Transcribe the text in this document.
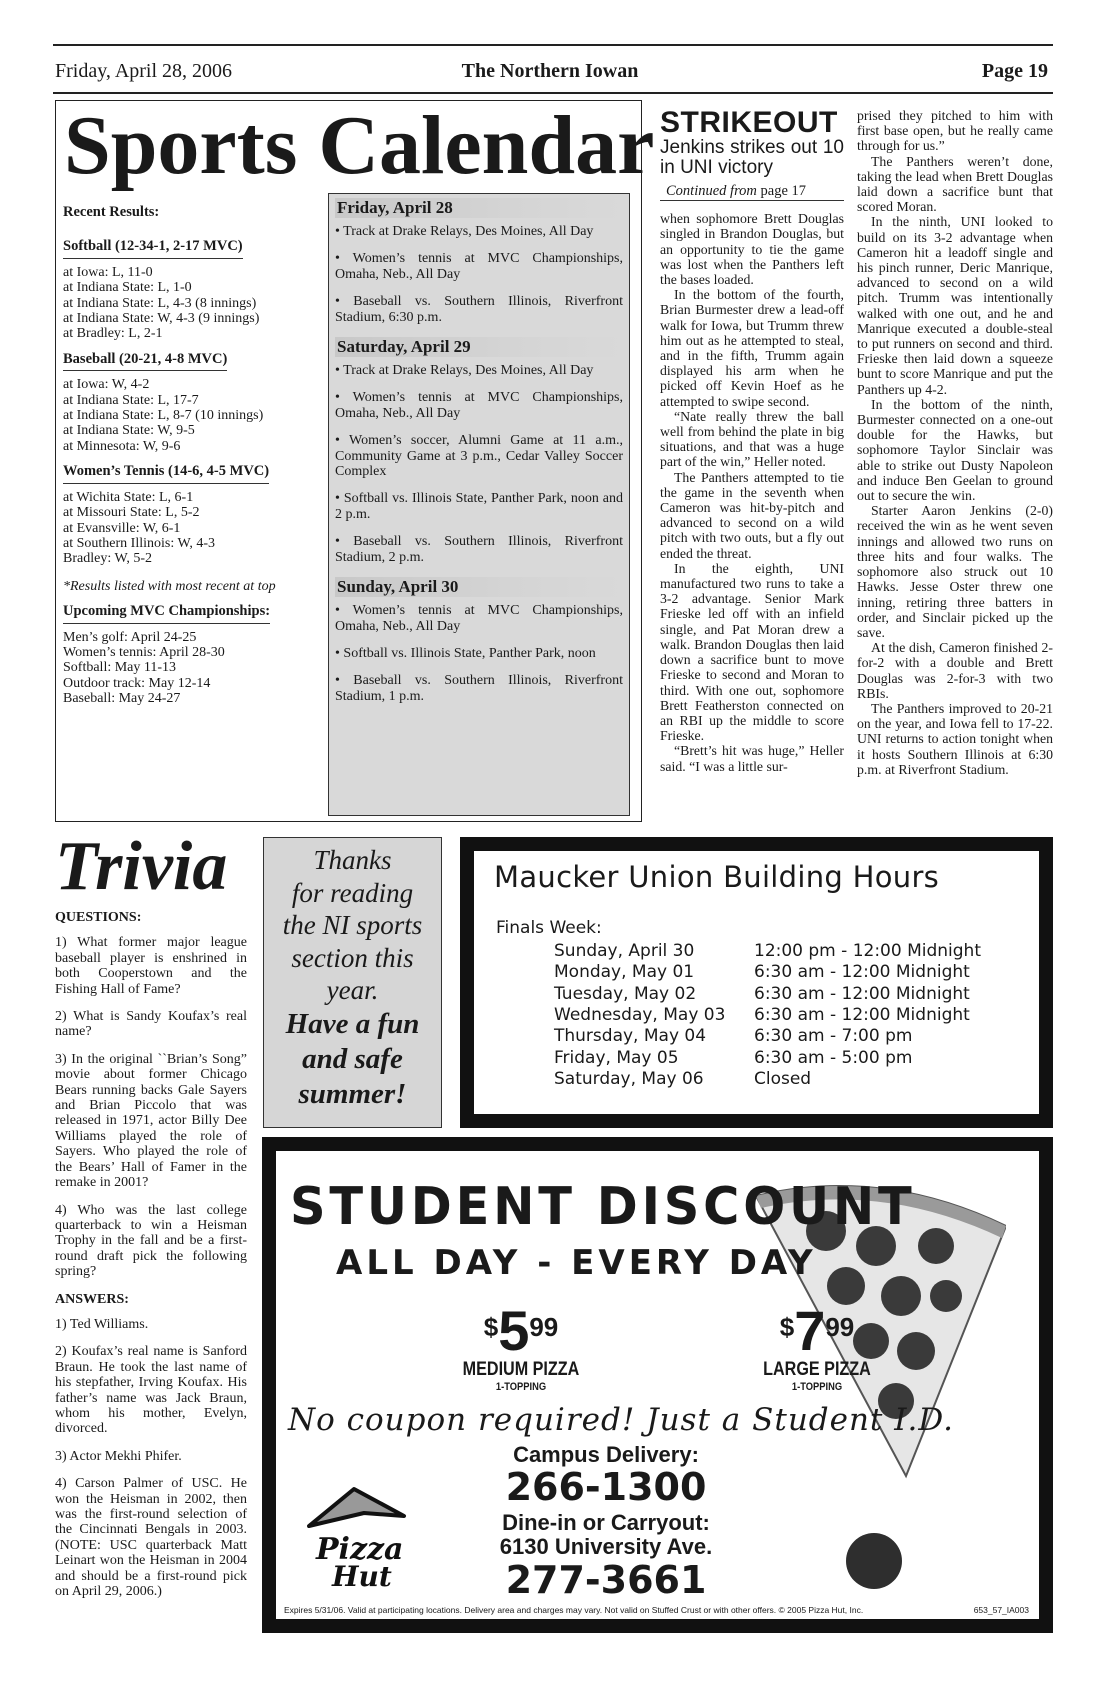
Friday, April 28, 2006	The Northern Iowan	Page 19
Sports Calendar
Recent Results:
Softball (12-34-1, 2-17 MVC)
at Iowa: L, 11-0
at Indiana State: L, 1-0
at Indiana State: L, 4-3 (8 innings)
at Indiana State: W, 4-3 (9 innings)
at Bradley: L, 2-1
Baseball (20-21, 4-8 MVC)
at Iowa: W, 4-2
at Indiana State: L, 17-7
at Indiana State: L, 8-7 (10 innings)
at Indiana State: W, 9-5
at Minnesota: W, 9-6
Women’s Tennis (14-6, 4-5 MVC)
at Wichita State: L, 6-1
at Missouri State: L, 5-2
at Evansville: W, 6-1
at Southern Illinois: W, 4-3
Bradley: W, 5-2
*Results listed with most recent at top
Upcoming MVC Championships:
Men’s golf: April 24-25
Women’s tennis: April 28-30
Softball: May 11-13
Outdoor track: May 12-14
Baseball: May 24-27
Friday, April 28
• Track at Drake Relays, Des Moines, All Day
• Women’s tennis at MVC Championships, Omaha, Neb., All Day
• Baseball vs. Southern Illinois, Riverfront Stadium, 6:30 p.m.
Saturday, April 29
• Track at Drake Relays, Des Moines, All Day
• Women’s tennis at MVC Championships, Omaha, Neb., All Day
• Women’s soccer, Alumni Game at 11 a.m., Community Game at 3 p.m., Cedar Valley Soccer Complex
• Softball vs. Illinois State, Panther Park, noon and 2 p.m.
• Baseball vs. Southern Illinois, Riverfront Stadium, 2 p.m.
Sunday, April 30
• Women’s tennis at MVC Championships, Omaha, Neb., All Day
• Softball vs. Illinois State, Panther Park, noon
• Baseball vs. Southern Illinois, Riverfront Stadium, 1 p.m.
STRIKEOUT
Jenkins strikes out 10 in UNI victory
Continued from page 17

when sophomore Brett Douglas singled in Brandon Douglas, but an opportunity to tie the game was lost when the Panthers left the bases loaded.

In the bottom of the fourth, Brian Burmester drew a lead-off walk for Iowa, but Trumm threw him out as he attempted to steal, and in the fifth, Trumm again displayed his arm when he picked off Kevin Hoef as he attempted to swipe second.

“Nate really threw the ball well from behind the plate in big situations, and that was a huge part of the win,” Heller noted.

The Panthers attempted to tie the game in the seventh when Cameron was hit-by-pitch and advanced to second on a wild pitch with two outs, but a fly out ended the threat.

In the eighth, UNI manufactured two runs to take a 3-2 advantage. Senior Mark Frieske led off with an infield single, and Pat Moran drew a walk. Brandon Douglas then laid down a sacrifice bunt to move Frieske to second and Moran to third. With one out, sophomore Brett Featherston connected on an RBI up the middle to score Frieske.

“Brett’s hit was huge,” Heller said. “I was a little sur-

prised they pitched to him with first base open, but he really came through for us.”

The Panthers weren’t done, taking the lead when Brett Douglas laid down a sacrifice bunt that scored Moran.

In the ninth, UNI looked to build on its 3-2 advantage when Cameron hit a leadoff single and his pinch runner, Deric Manrique, advanced to second on a wild pitch. Trumm was intentionally walked with one out, and he and Manrique executed a double-steal to put runners on second and third. Frieske then laid down a squeeze bunt to score Manrique and put the Panthers up 4-2.

In the bottom of the ninth, Burmester connected on a one-out double for the Hawks, but sophomore Taylor Sinclair was able to strike out Dusty Napoleon and induce Ben Geelan to ground out to secure the win.

Starter Aaron Jenkins (2-0) received the win as he went seven innings and allowed two runs on three hits and four walks. The sophomore also struck out 10 Hawks. Jesse Oster threw one inning, retiring three batters in order, and Sinclair picked up the save.

At the dish, Cameron finished 2-for-2 with a double and Brett Douglas was 2-for-3 with two RBIs.

The Panthers improved to 20-21 on the year, and Iowa fell to 17-22. UNI returns to action tonight when it hosts Southern Illinois at 6:30 p.m. at Riverfront Stadium.

Trivia
QUESTIONS:

1) What former major league baseball player is enshrined in both Cooperstown and the Fishing Hall of Fame?

2) What is Sandy Koufax’s real name?

3) In the original ``Brian’s Song” movie about former Chicago Bears running backs Gale Sayers and Brian Piccolo that was released in 1971, actor Billy Dee Williams played the role of Sayers. Who played the role of the Bears’ Hall of Famer in the remake in 2001?

4) Who was the last college quarterback to win a Heisman Trophy in the fall and be a first-round draft pick the following spring?

ANSWERS:

1) Ted Williams.

2) Koufax’s real name is Sanford Braun. He took the last name of his stepfather, Irving Koufax. His father’s name was Jack Braun, whom his mother, Evelyn, divorced.

3) Actor Mekhi Phifer.

4) Carson Palmer of USC. He won the Heisman in 2002, then was the first-round selection of the Cincinnati Bengals in 2003. (NOTE: USC quarterback Matt Leinart won the Heisman in 2004 and should be a first-round pick on April 29, 2006.)

Thanks
for reading
the NI sports
section this
year.
Have a fun
and safe
summer!
Maucker Union Building Hours
Finals Week:
Sunday, April 30	12:00 pm - 12:00 Midnight
Monday, May 01	6:30 am - 12:00 Midnight
Tuesday, May 02	6:30 am - 12:00 Midnight
Wednesday, May 03 6:30 am - 12:00 Midnight
Thursday, May 04	6:30 am - 7:00 pm
Friday, May 05	6:30 am - 5:00 pm
Saturday, May 06	Closed
STUDENT DISCOUNT
ALL DAY - EVERY DAY
$599
MEDIUM PIZZA
1-TOPPING
$799
LARGE PIZZA
1-TOPPING
No coupon required! Just a Student I.D.
Campus Delivery:
266-1300
Dine-in or Carryout:
6130 University Ave.
277-3661
Pizza
Hut
Expires 5/31/06. Valid at participating locations. Delivery area and charges may vary. Not valid on Stuffed Crust or with other offers. © 2005 Pizza Hut, Inc.	653_57_IA003
